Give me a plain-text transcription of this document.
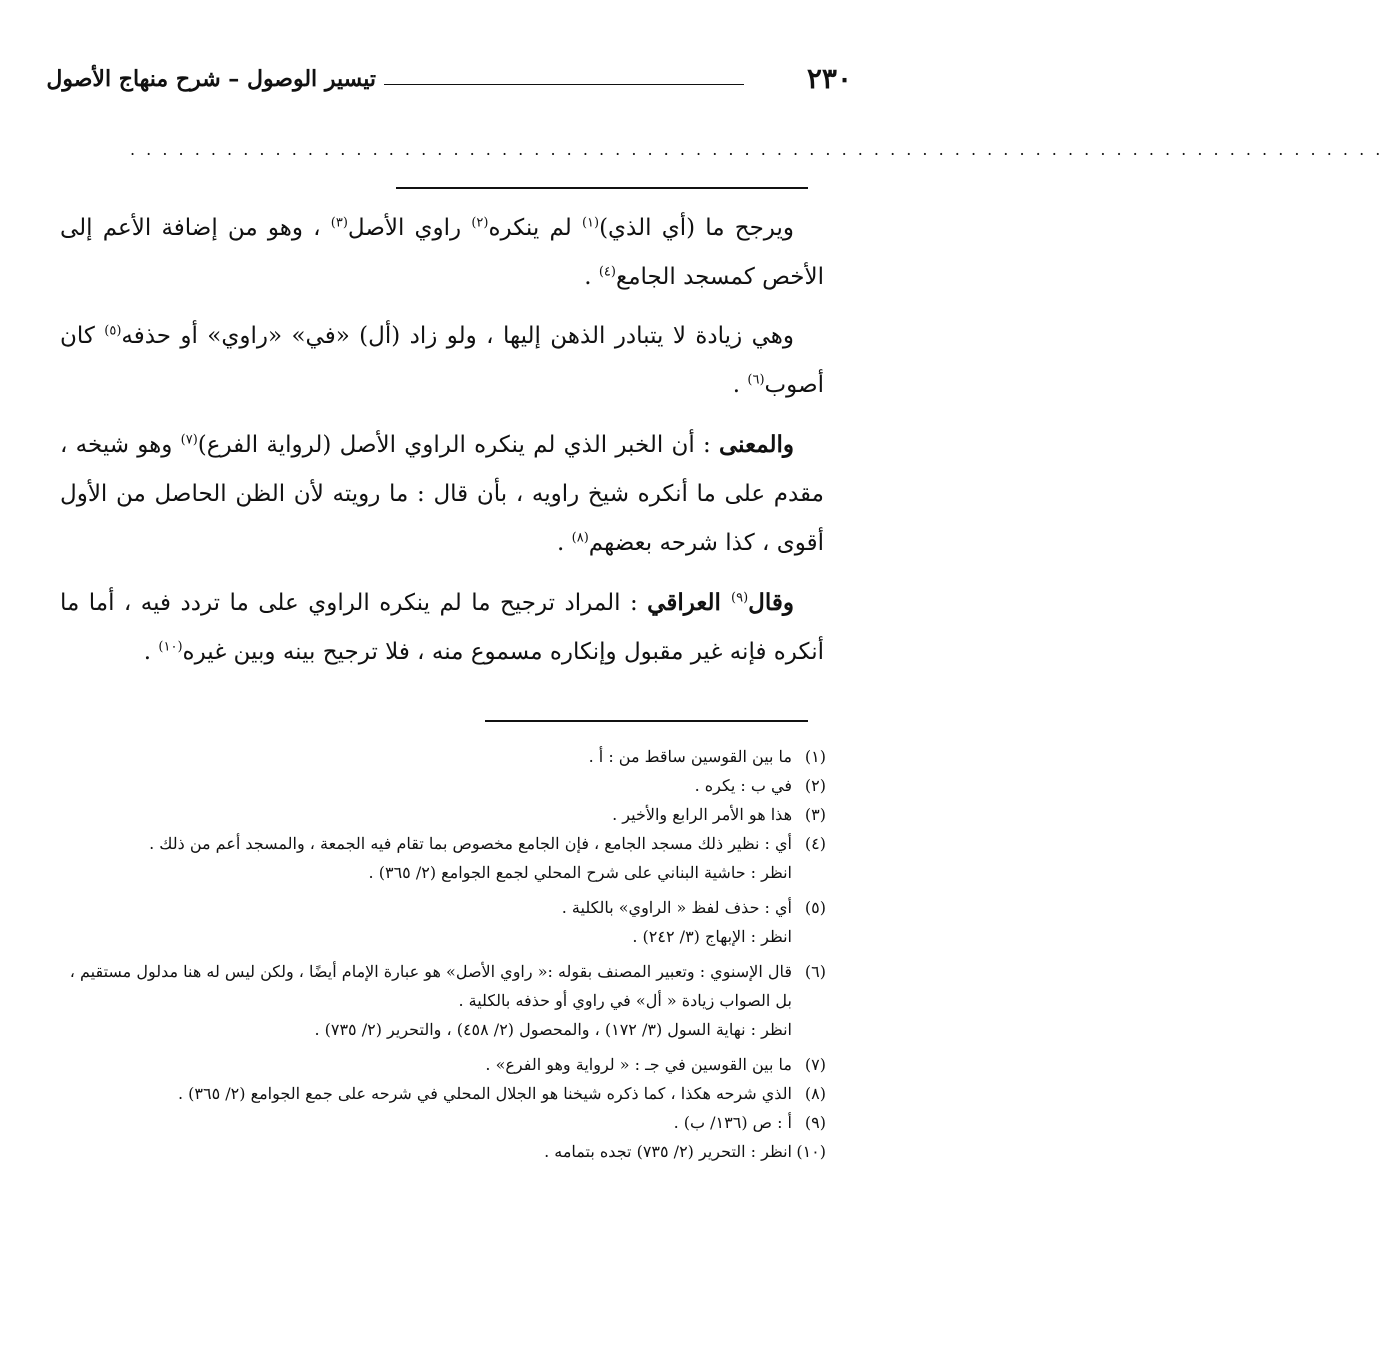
٢٣٠
تيسير الوصول – شرح منهاج الأصول
. . . . . . . . . . . . . . . . . . . . . . . . . . . . . . . . . . . . . . . . . . . . . . . . . . . . . . . . . . . . . . . . . . . . . . . . . . . . . .

ويرجح ما (أي الذي)$^{(١)}$ لم ينكره$^{(٢)}$ راوي الأصل$^{(٣)}$ ، وهو من إضافة الأعم إلى الأخص كمسجد الجامع$^{(٤)}$ .

وهي زيادة لا يتبادر الذهن إليها ، ولو زاد (أل) «في» «راوي» أو حذفه$^{(٥)}$ كان أصوب$^{(٦)}$ .

والمعنى : أن الخبر الذي لم ينكره الراوي الأصل (لرواية الفرع)$^{(٧)}$ وهو شيخه ، مقدم على ما أنكره شيخ راويه ، بأن قال : ما رويته لأن الظن الحاصل من الأول أقوى ، كذا شرحه بعضهم$^{(٨)}$ .

وقال$^{(٩)}$ العراقي : المراد ترجيح ما لم ينكره الراوي على ما تردد فيه ، أما ما أنكره فإنه غير مقبول وإنكاره مسموع منه ، فلا ترجيح بينه وبين غيره$^{(١٠)}$ .

(١)
ما بين القوسين ساقط من : أ .
(٢)
في ب : يكره .
(٣)
هذا هو الأمر الرابع والأخير .
(٤)
أي : نظير ذلك مسجد الجامع ، فإن الجامع مخصوص بما تقام فيه الجمعة ، والمسجد أعم من ذلك .
انظر : حاشية البناني على شرح المحلي لجمع الجوامع (٢/ ٣٦٥) .
(٥)
أي : حذف لفظ « الراوي» بالكلية .
انظر : الإبهاج (٣/ ٢٤٢) .
(٦)
قال الإسنوي : وتعبير المصنف بقوله :« راوي الأصل» هو عبارة الإمام أيضًا ، ولكن ليس له هنا مدلول مستقيم ، بل الصواب زيادة « أل» في راوي أو حذفه بالكلية .
انظر : نهاية السول (٣/ ١٧٢) ، والمحصول (٢/ ٤٥٨) ، والتحرير (٢/ ٧٣٥) .
(٧)
ما بين القوسين في جـ : « لرواية وهو الفرع» .
(٨)
الذي شرحه هكذا ، كما ذكره شيخنا هو الجلال المحلي في شرحه على جمع الجوامع (٢/ ٣٦٥) .
(٩)
أ : ص (١٣٦/ ب) .
(١٠)
انظر : التحرير (٢/ ٧٣٥) تجده بتمامه .
